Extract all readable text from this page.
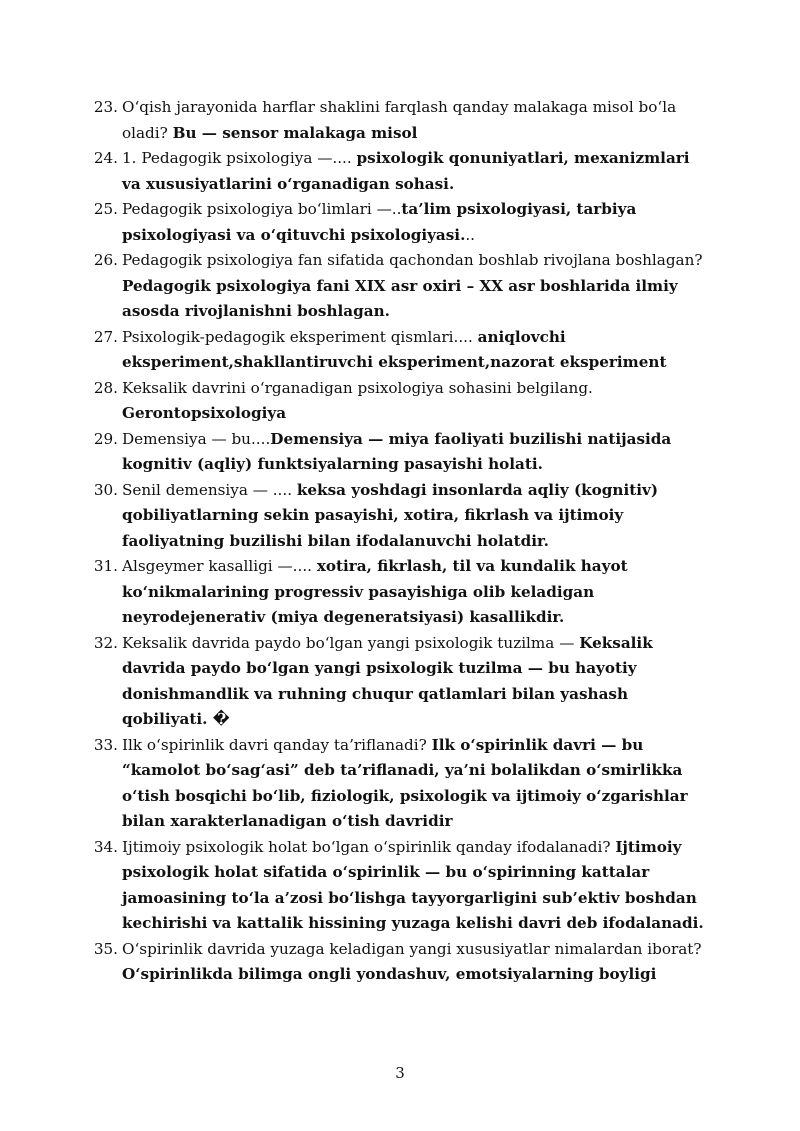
23. O‘qish jarayonida harflar shaklini farqlash qanday malakaga misol bo‘la oladi? Bu — sensor malakaga misol
24. 1. Pedagogik psixologiya —.... psixologik qonuniyatlari, mexanizmlari va xususiyatlarini o‘rganadigan sohasi.
25. Pedagogik psixologiya bo‘limlari —..ta’lim psixologiyasi, tarbiya psixologiyasi va o‘qituvchi psixologiyasi...
26. Pedagogik psixologiya fan sifatida qachondan boshlab rivojlana boshlagan? Pedagogik psixologiya fani XIX asr oxiri – XX asr boshlarida ilmiy asosda rivojlanishni boshlagan.
27. Psixologik-pedagogik eksperiment qismlari.... aniqlovchi eksperiment,shakllantiruvchi eksperiment,nazorat eksperiment
28. Keksalik davrini o‘rganadigan psixologiya sohasini belgilang. Gerontopsixologiya
29. Demensiya — bu....Demensiya — miya faoliyati buzilishi natijasida kognitiv (aqliy) funktsiyalarning pasayishi holati.
30. Senil demensiya — .... keksa yoshdagi insonlarda aqliy (kognitiv) qobiliyatlarning sekin pasayishi, xotira, fikrlash va ijtimoiy faoliyatning buzilishi bilan ifodalanuvchi holatdir.
31. Alsgeymer kasalligi —.... xotira, fikrlash, til va kundalik hayot ko‘nikmalarining progressiv pasayishiga olib keladigan neyrodejenerativ (miya degeneratsiyasi) kasallikdir.
32. Keksalik davrida paydo bo‘lgan yangi psixologik tuzilma — Keksalik davrida paydo bo‘lgan yangi psixologik tuzilma — bu hayotiy donishmandlik va ruhning chuqur qatlamlari bilan yashash qobiliyati. �
33. Ilk o‘spirinlik davri qanday ta’riflanadi? Ilk o‘spirinlik davri — bu “kamolot bo‘sag‘asi” deb ta’riflanadi, ya’ni bolalikdan o‘smirlikka o‘tish bosqichi bo‘lib, fiziologik, psixologik va ijtimoiy o‘zgarishlar bilan xarakterlanadigan o‘tish davridir
34. Ijtimoiy psixologik holat bo‘lgan o‘spirinlik qanday ifodalanadi? Ijtimoiy psixologik holat sifatida o‘spirinlik — bu o‘spirinning kattalar jamoasining to‘la a’zosi bo‘lishga tayyorgarligini sub’ektiv boshdan kechirishi va kattalik hissining yuzaga kelishi davri deb ifodalanadi.
35. O‘spirinlik davrida yuzaga keladigan yangi xususiyatlar nimalardan iborat? O‘spirinlikda bilimga ongli yondashuv, emotsiyalarning boyligi
3
